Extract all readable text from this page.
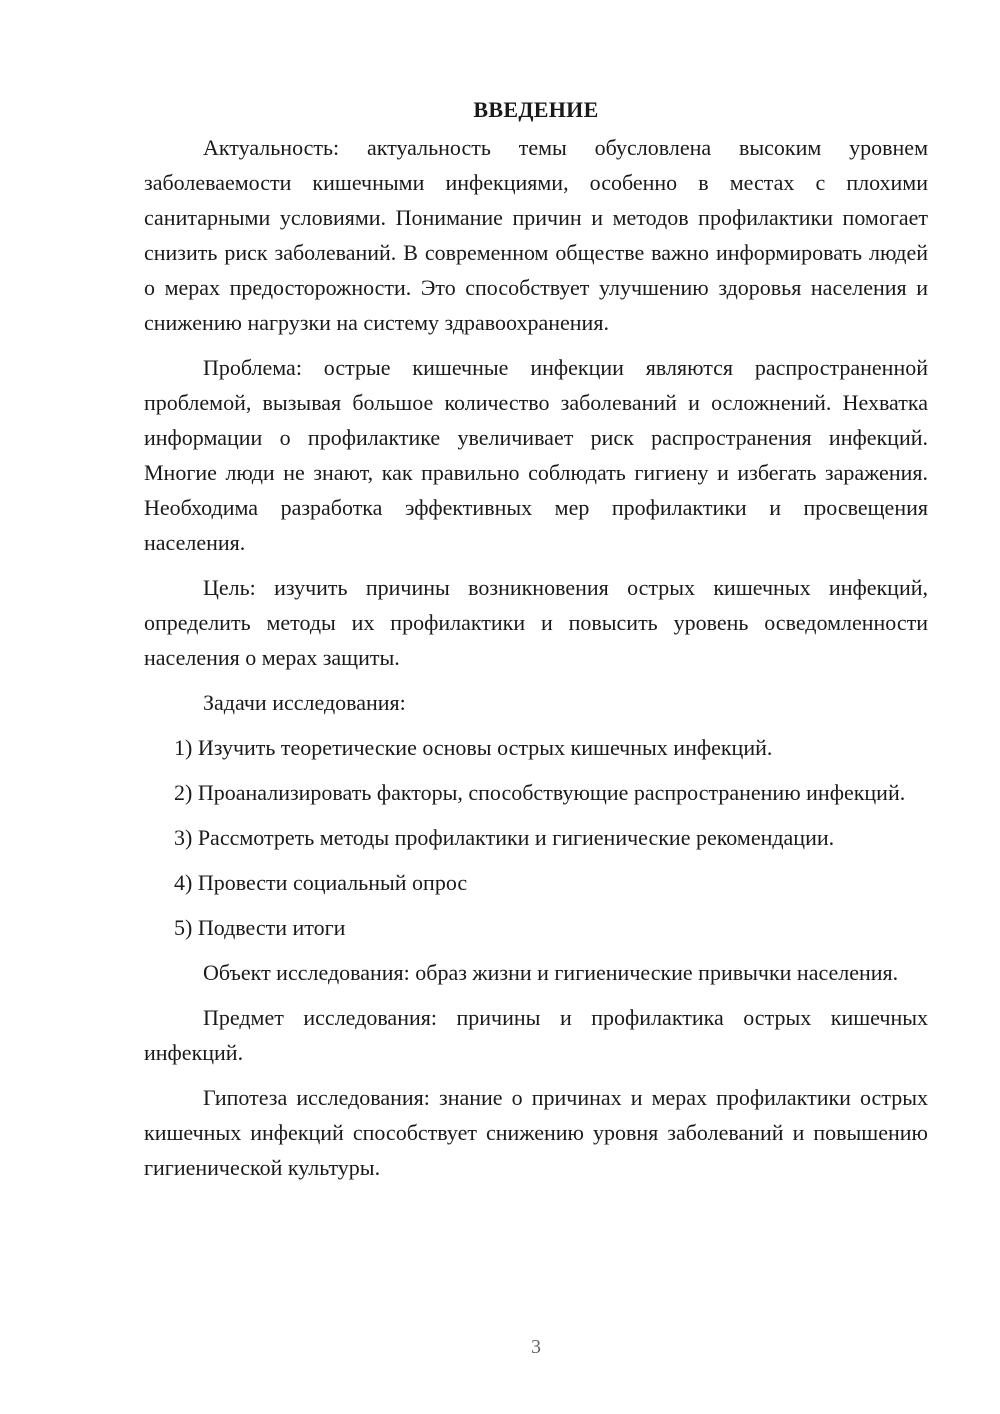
ВВЕДЕНИЕ

Актуальность: актуальность темы обусловлена высоким уровнем заболеваемости кишечными инфекциями, особенно в местах с плохими санитарными условиями. Понимание причин и методов профилактики помогает снизить риск заболеваний. В современном обществе важно информировать людей о мерах предосторожности. Это способствует улучшению здоровья населения и снижению нагрузки на систему здравоохранения.

Проблема: острые кишечные инфекции являются распространенной проблемой, вызывая большое количество заболеваний и осложнений. Нехватка информации о профилактике увеличивает риск распространения инфекций. Многие люди не знают, как правильно соблюдать гигиену и избегать заражения. Необходима разработка эффективных мер профилактики и просвещения населения.

Цель: изучить причины возникновения острых кишечных инфекций, определить методы их профилактики и повысить уровень осведомленности населения о мерах защиты.

Задачи исследования:

1) Изучить теоретические основы острых кишечных инфекций.

2) Проанализировать факторы, способствующие распространению инфекций.

3) Рассмотреть методы профилактики и гигиенические рекомендации.

4) Провести социальный опрос

5) Подвести итоги

Объект исследования: образ жизни и гигиенические привычки населения.

Предмет исследования: причины и профилактика острых кишечных инфекций.

Гипотеза исследования: знание о причинах и мерах профилактики острых кишечных инфекций способствует снижению уровня заболеваний и повышению гигиенической культуры.

3
